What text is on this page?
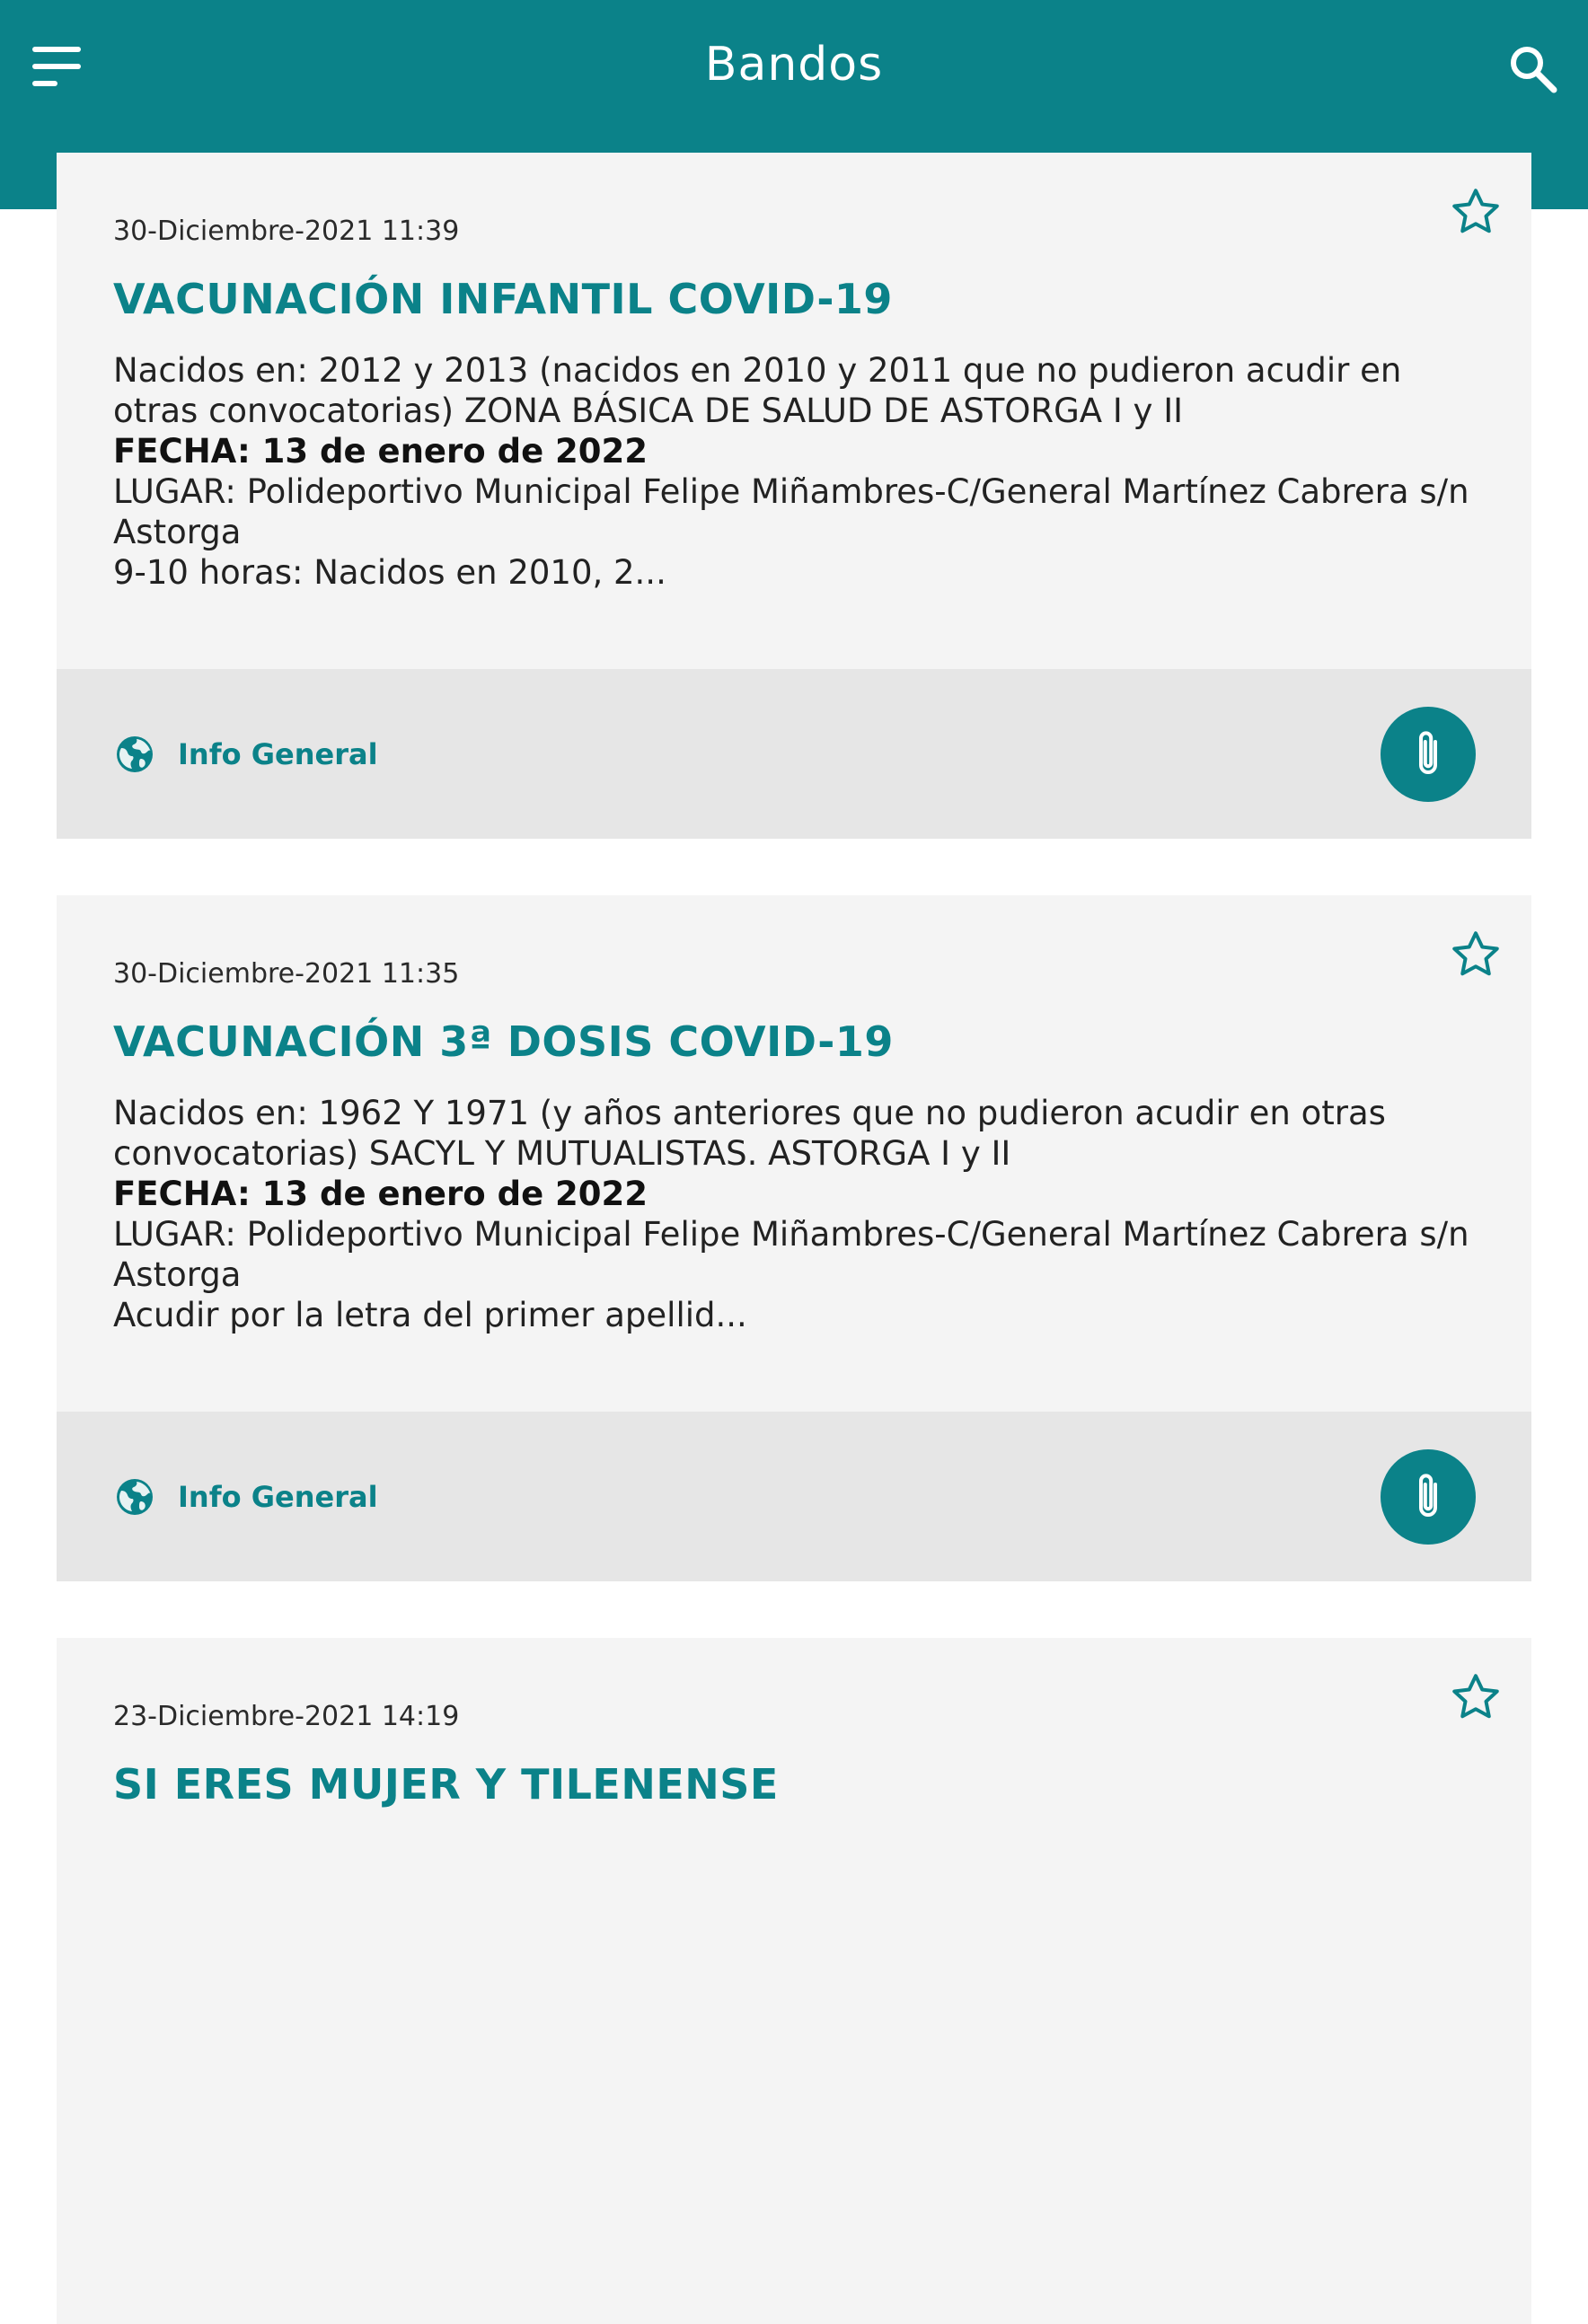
Bandos
30-Diciembre-2021 11:39
VACUNACIÓN INFANTIL COVID-19
Nacidos en: 2012 y 2013 (nacidos en 2010 y 2011 que no pudieron acudir en otras convocatorias) ZONA BÁSICA DE SALUD DE ASTORGA I y II
FECHA: 13 de enero de 2022
LUGAR: Polideportivo Municipal Felipe Miñambres-C/General Martínez Cabrera s/n Astorga
9-10 horas: Nacidos en 2010, 2...
Info General
30-Diciembre-2021 11:35
VACUNACIÓN 3ª DOSIS COVID-19
Nacidos en: 1962 Y 1971 (y años anteriores que no pudieron acudir en otras convocatorias) SACYL Y MUTUALISTAS. ASTORGA I y II
FECHA: 13 de enero de 2022
LUGAR: Polideportivo Municipal Felipe Miñambres-C/General Martínez Cabrera s/n Astorga
Acudir por la letra del primer apellid...
Info General
23-Diciembre-2021 14:19
SI ERES MUJER Y TILENENSE
